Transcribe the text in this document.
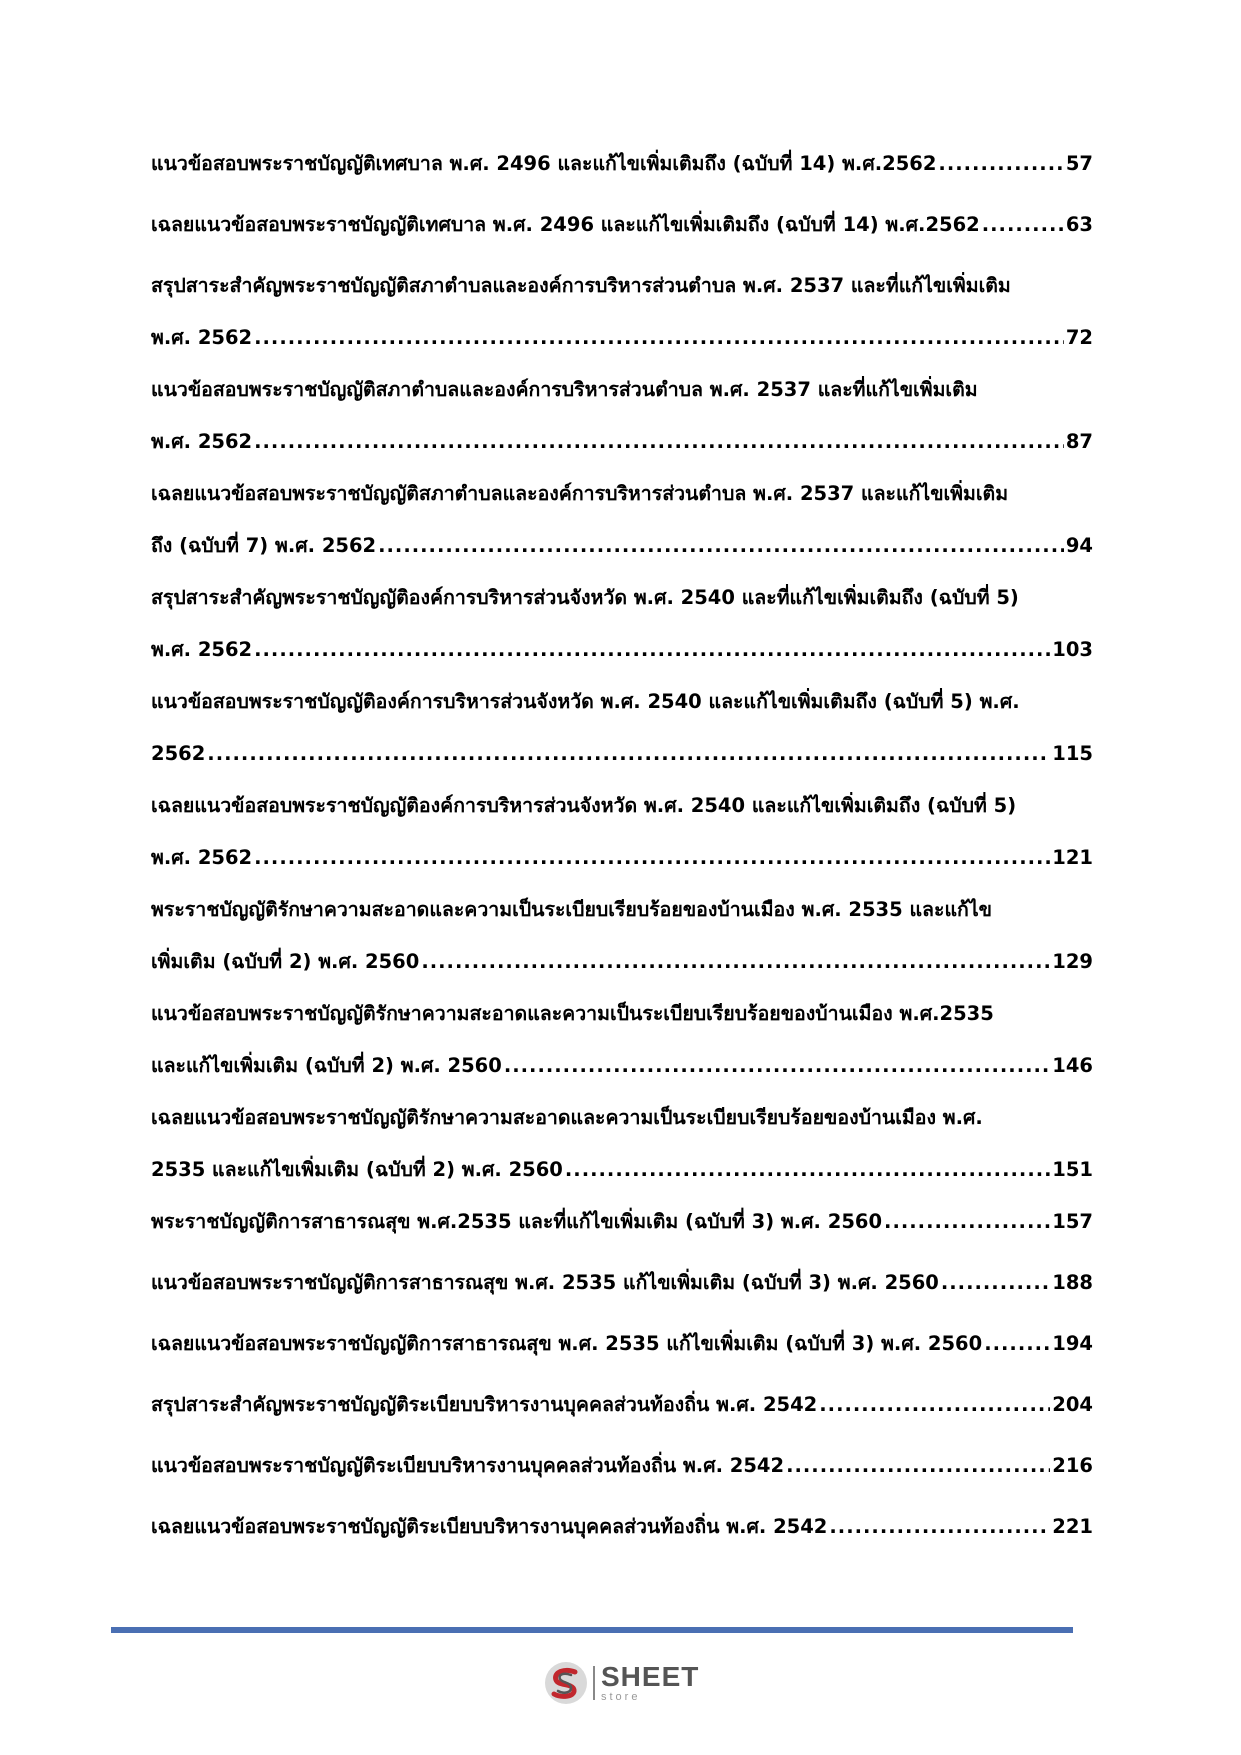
แนวข้อสอบพระราชบัญญัติเทศบาล พ.ศ. 2496 และแก้ไขเพิ่มเติมถึง (ฉบับที่ 14) พ.ศ.2562 .....	57
เฉลยแนวข้อสอบพระราชบัญญัติเทศบาล พ.ศ. 2496 และแก้ไขเพิ่มเติมถึง (ฉบับที่ 14) พ.ศ.2562 .....	63
สรุปสาระสำคัญพระราชบัญญัติสภาตำบลและองค์การบริหารส่วนตำบล พ.ศ. 2537 และที่แก้ไขเพิ่มเติม
พ.ศ. 2562 .....	72
แนวข้อสอบพระราชบัญญัติสภาตำบลและองค์การบริหารส่วนตำบล พ.ศ. 2537 และที่แก้ไขเพิ่มเติม
พ.ศ. 2562 .....	87
เฉลยแนวข้อสอบพระราชบัญญัติสภาตำบลและองค์การบริหารส่วนตำบล พ.ศ. 2537 และแก้ไขเพิ่มเติม
ถึง (ฉบับที่ 7) พ.ศ. 2562 .....	94
สรุปสาระสำคัญพระราชบัญญัติองค์การบริหารส่วนจังหวัด พ.ศ. 2540 และที่แก้ไขเพิ่มเติมถึง (ฉบับที่ 5)
พ.ศ. 2562 .....	103
แนวข้อสอบพระราชบัญญัติองค์การบริหารส่วนจังหวัด พ.ศ. 2540 และแก้ไขเพิ่มเติมถึง (ฉบับที่ 5) พ.ศ.
2562 .....	115
เฉลยแนวข้อสอบพระราชบัญญัติองค์การบริหารส่วนจังหวัด พ.ศ. 2540 และแก้ไขเพิ่มเติมถึง (ฉบับที่ 5)
พ.ศ. 2562 .....	121
พระราชบัญญัติรักษาความสะอาดและความเป็นระเบียบเรียบร้อยของบ้านเมือง พ.ศ. 2535 และแก้ไข
เพิ่มเติม (ฉบับที่ 2) พ.ศ. 2560 .....	129
แนวข้อสอบพระราชบัญญัติรักษาความสะอาดและความเป็นระเบียบเรียบร้อยของบ้านเมือง พ.ศ.2535
และแก้ไขเพิ่มเติม (ฉบับที่ 2) พ.ศ. 2560 .....	146
เฉลยแนวข้อสอบพระราชบัญญัติรักษาความสะอาดและความเป็นระเบียบเรียบร้อยของบ้านเมือง พ.ศ.
2535 และแก้ไขเพิ่มเติม (ฉบับที่ 2) พ.ศ. 2560 .....	151
พระราชบัญญัติการสาธารณสุข พ.ศ.2535 และที่แก้ไขเพิ่มเติม (ฉบับที่ 3) พ.ศ. 2560 .....	157
แนวข้อสอบพระราชบัญญัติการสาธารณสุข พ.ศ. 2535 แก้ไขเพิ่มเติม (ฉบับที่ 3) พ.ศ. 2560 .....	188
เฉลยแนวข้อสอบพระราชบัญญัติการสาธารณสุข พ.ศ. 2535 แก้ไขเพิ่มเติม (ฉบับที่ 3) พ.ศ. 2560 .....	194
สรุปสาระสำคัญพระราชบัญญัติระเบียบบริหารงานบุคคลส่วนท้องถิ่น พ.ศ. 2542 .....	204
แนวข้อสอบพระราชบัญญัติระเบียบบริหารงานบุคคลส่วนท้องถิ่น พ.ศ. 2542 .....	216
เฉลยแนวข้อสอบพระราชบัญญัติระเบียบบริหารงานบุคคลส่วนท้องถิ่น พ.ศ. 2542 .....	221
SHEET
store
